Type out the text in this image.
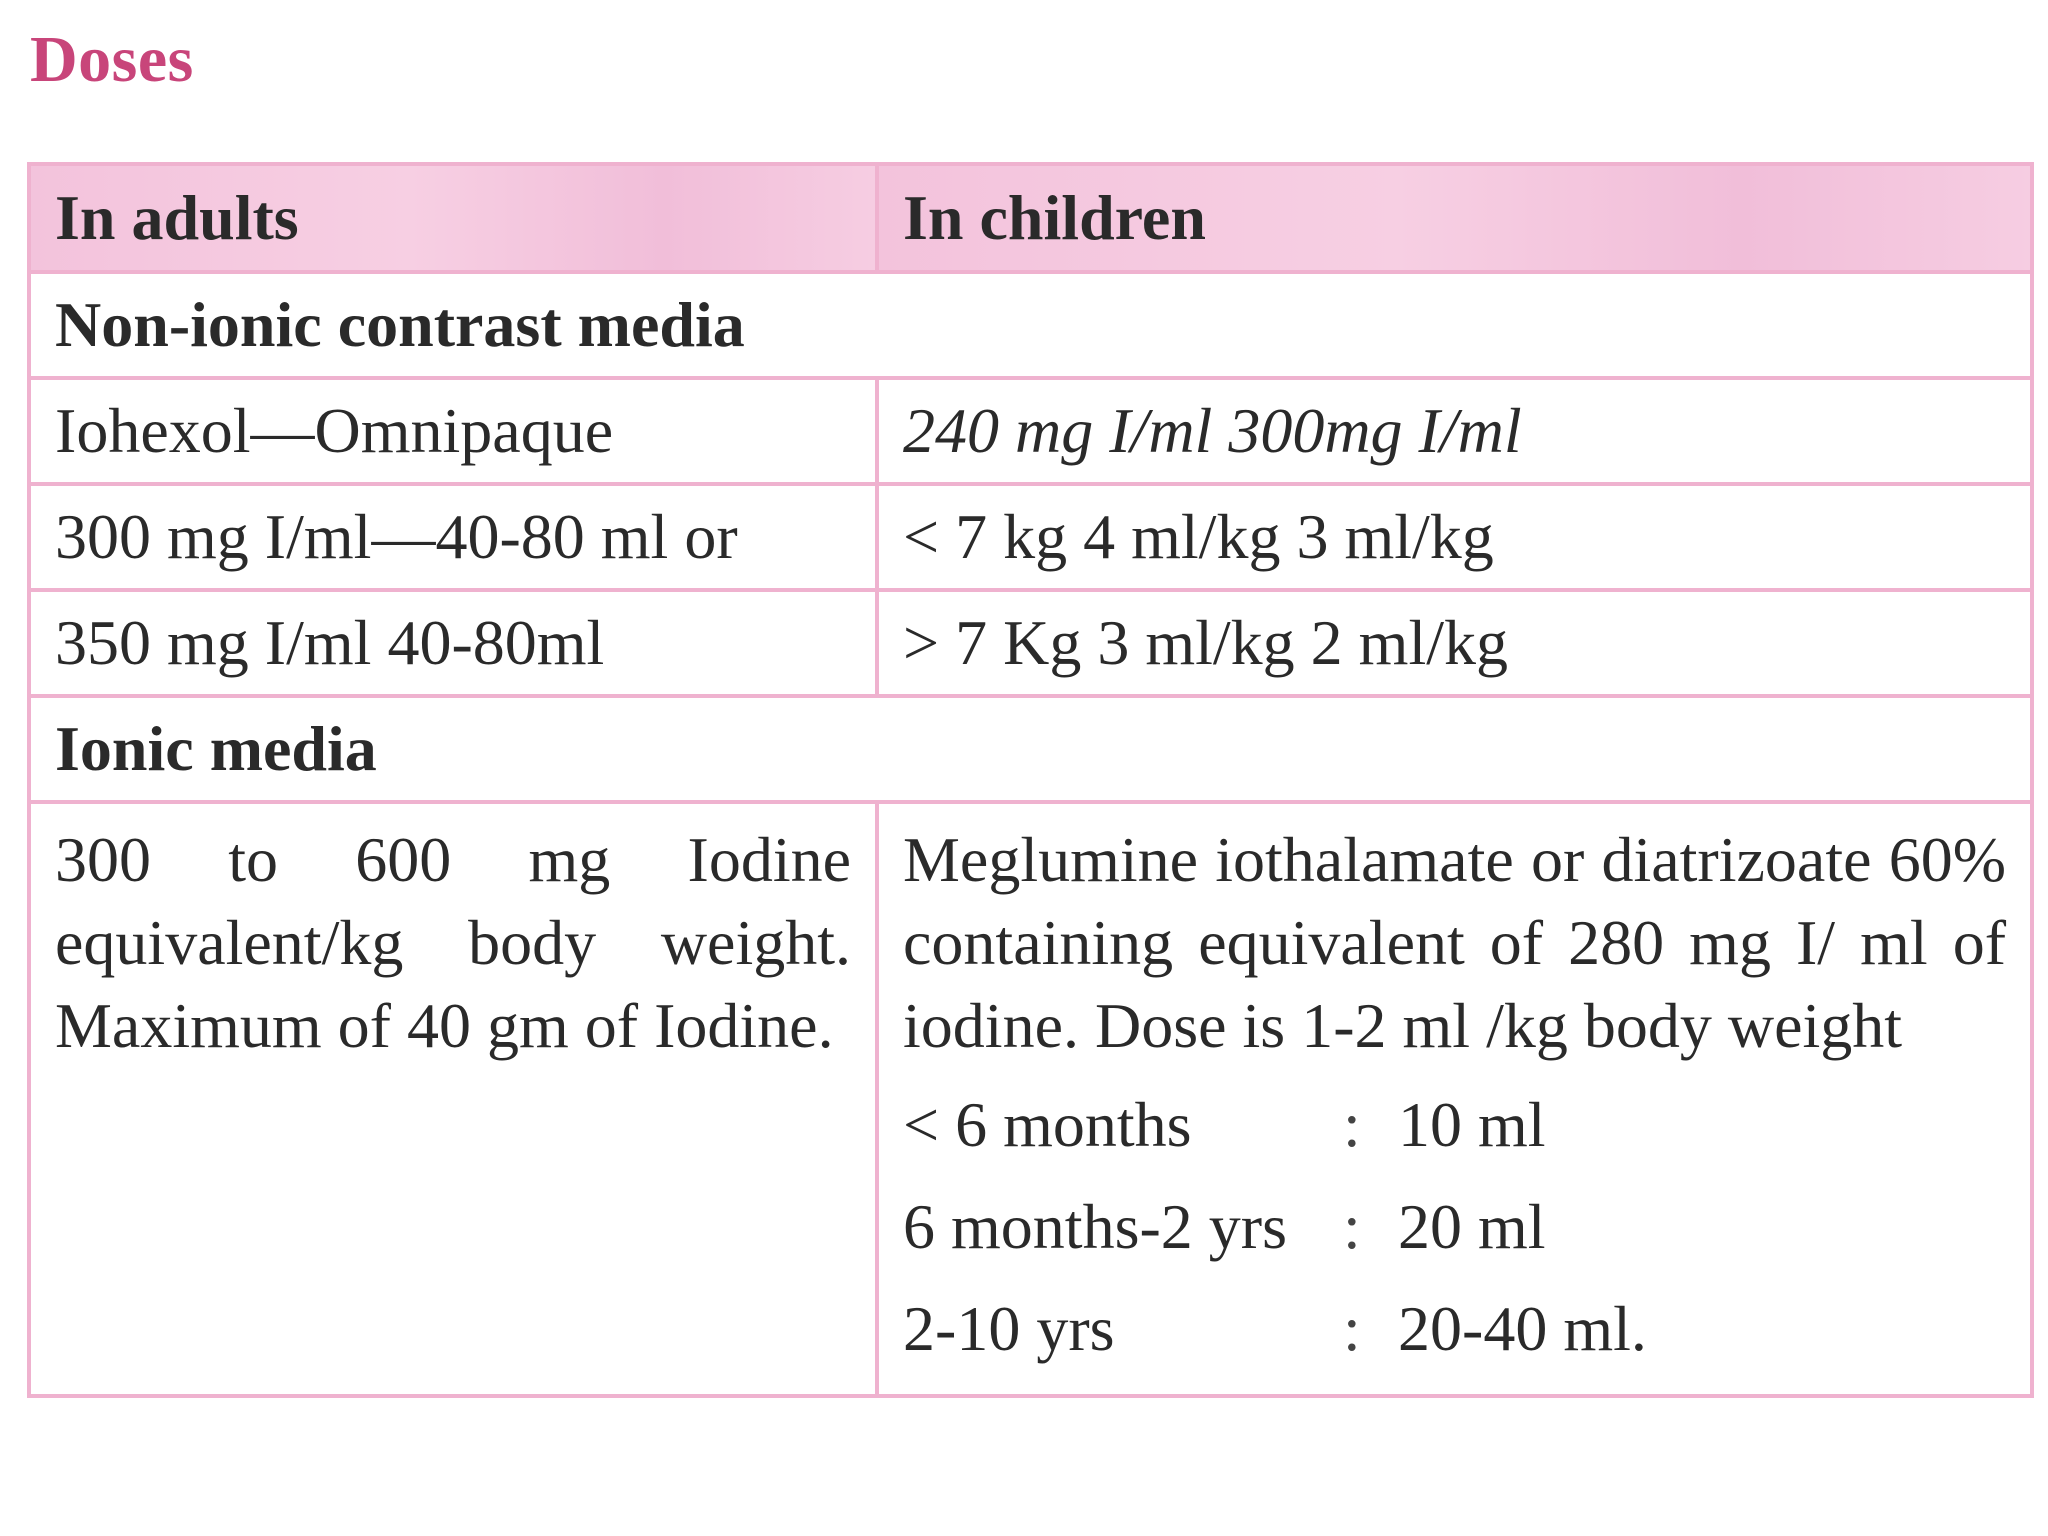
Doses
In adults	In children
Non-ionic contrast media
Iohexol—Omnipaque	240 mg I/ml 300mg I/ml
300 mg I/ml—40-80 ml or	< 7 kg 4 ml/kg 3 ml/kg
350 mg I/ml 40-80ml	> 7 Kg 3 ml/kg 2 ml/kg
Ionic media

300 to 600 mg Iodine equivalent/kg body weight. Maximum of 40 gm of Iodine.

Meglumine iothalamate or diatrizoate 60% containing equivalent of 280 mg I/ ml of iodine. Dose is 1-2 ml /kg body weight
< 6 months	:	10 ml
6 months-2 yrs	:	20 ml
2-10 yrs	:	20-40 ml.
